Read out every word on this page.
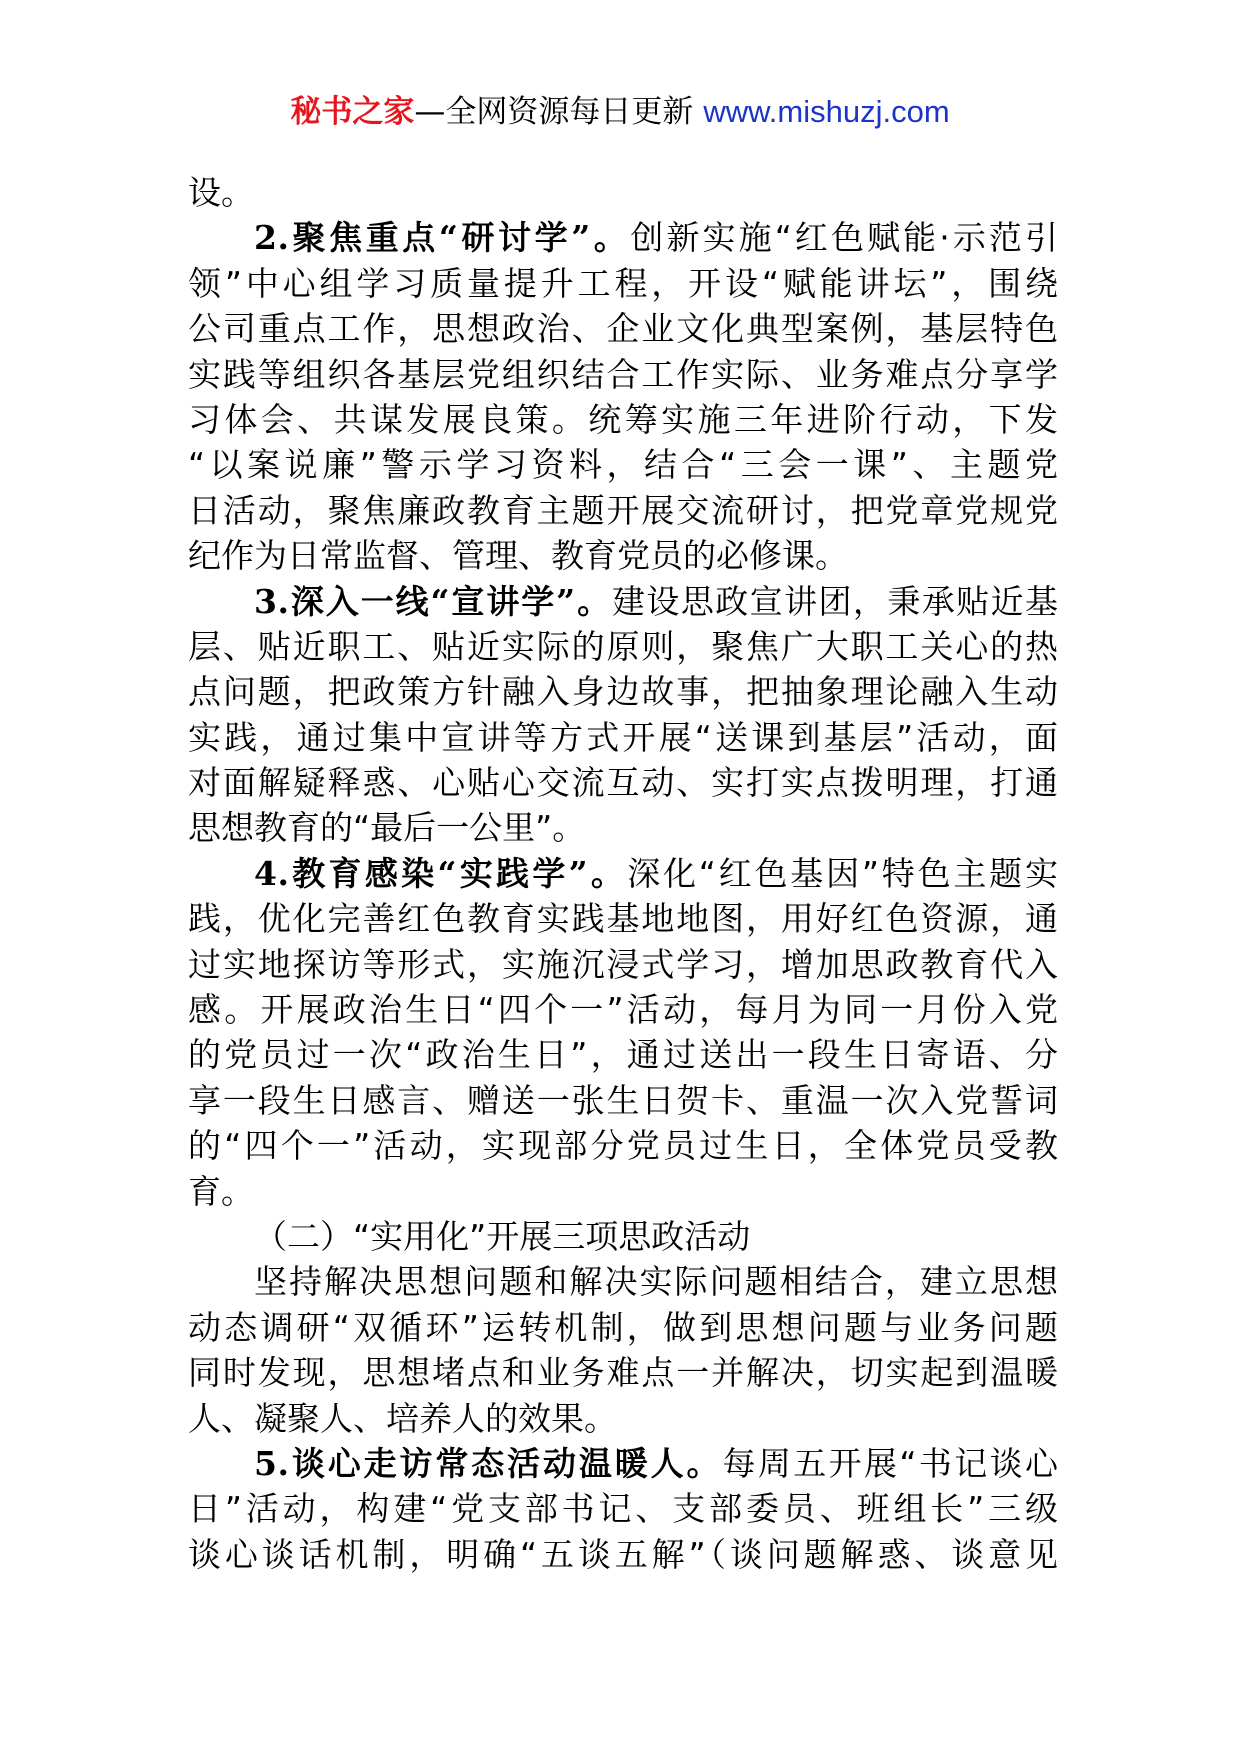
秘书之家—全网资源每日更新 www.mishuzj.com
设。
2.聚焦重点“研讨学”。创新实施“红色赋能·示范引
领”中心组学习质量提升工程，开设“赋能讲坛”，围绕
公司重点工作，思想政治、企业文化典型案例，基层特色
实践等组织各基层党组织结合工作实际、业务难点分享学
习体会、共谋发展良策。统筹实施三年进阶行动，下发
“以案说廉”警示学习资料，结合“三会一课”、主题党
日活动，聚焦廉政教育主题开展交流研讨，把党章党规党
纪作为日常监督、管理、教育党员的必修课。
3.深入一线“宣讲学”。建设思政宣讲团，秉承贴近基
层、贴近职工、贴近实际的原则，聚焦广大职工关心的热
点问题，把政策方针融入身边故事，把抽象理论融入生动
实践，通过集中宣讲等方式开展“送课到基层”活动，面
对面解疑释惑、心贴心交流互动、实打实点拨明理，打通
思想教育的“最后一公里”。
4.教育感染“实践学”。深化“红色基因”特色主题实
践，优化完善红色教育实践基地地图，用好红色资源，通
过实地探访等形式，实施沉浸式学习，增加思政教育代入
感。开展政治生日“四个一”活动，每月为同一月份入党
的党员过一次“政治生日”，通过送出一段生日寄语、分
享一段生日感言、赠送一张生日贺卡、重温一次入党誓词
的“四个一”活动，实现部分党员过生日，全体党员受教
育。
（二）“实用化”开展三项思政活动
坚持解决思想问题和解决实际问题相结合，建立思想
动态调研“双循环”运转机制，做到思想问题与业务问题
同时发现，思想堵点和业务难点一并解决，切实起到温暖
人、凝聚人、培养人的效果。
5.谈心走访常态活动温暖人。每周五开展“书记谈心
日”活动，构建“党支部书记、支部委员、班组长”三级
谈心谈话机制，明确“五谈五解”（谈问题解惑、谈意见
